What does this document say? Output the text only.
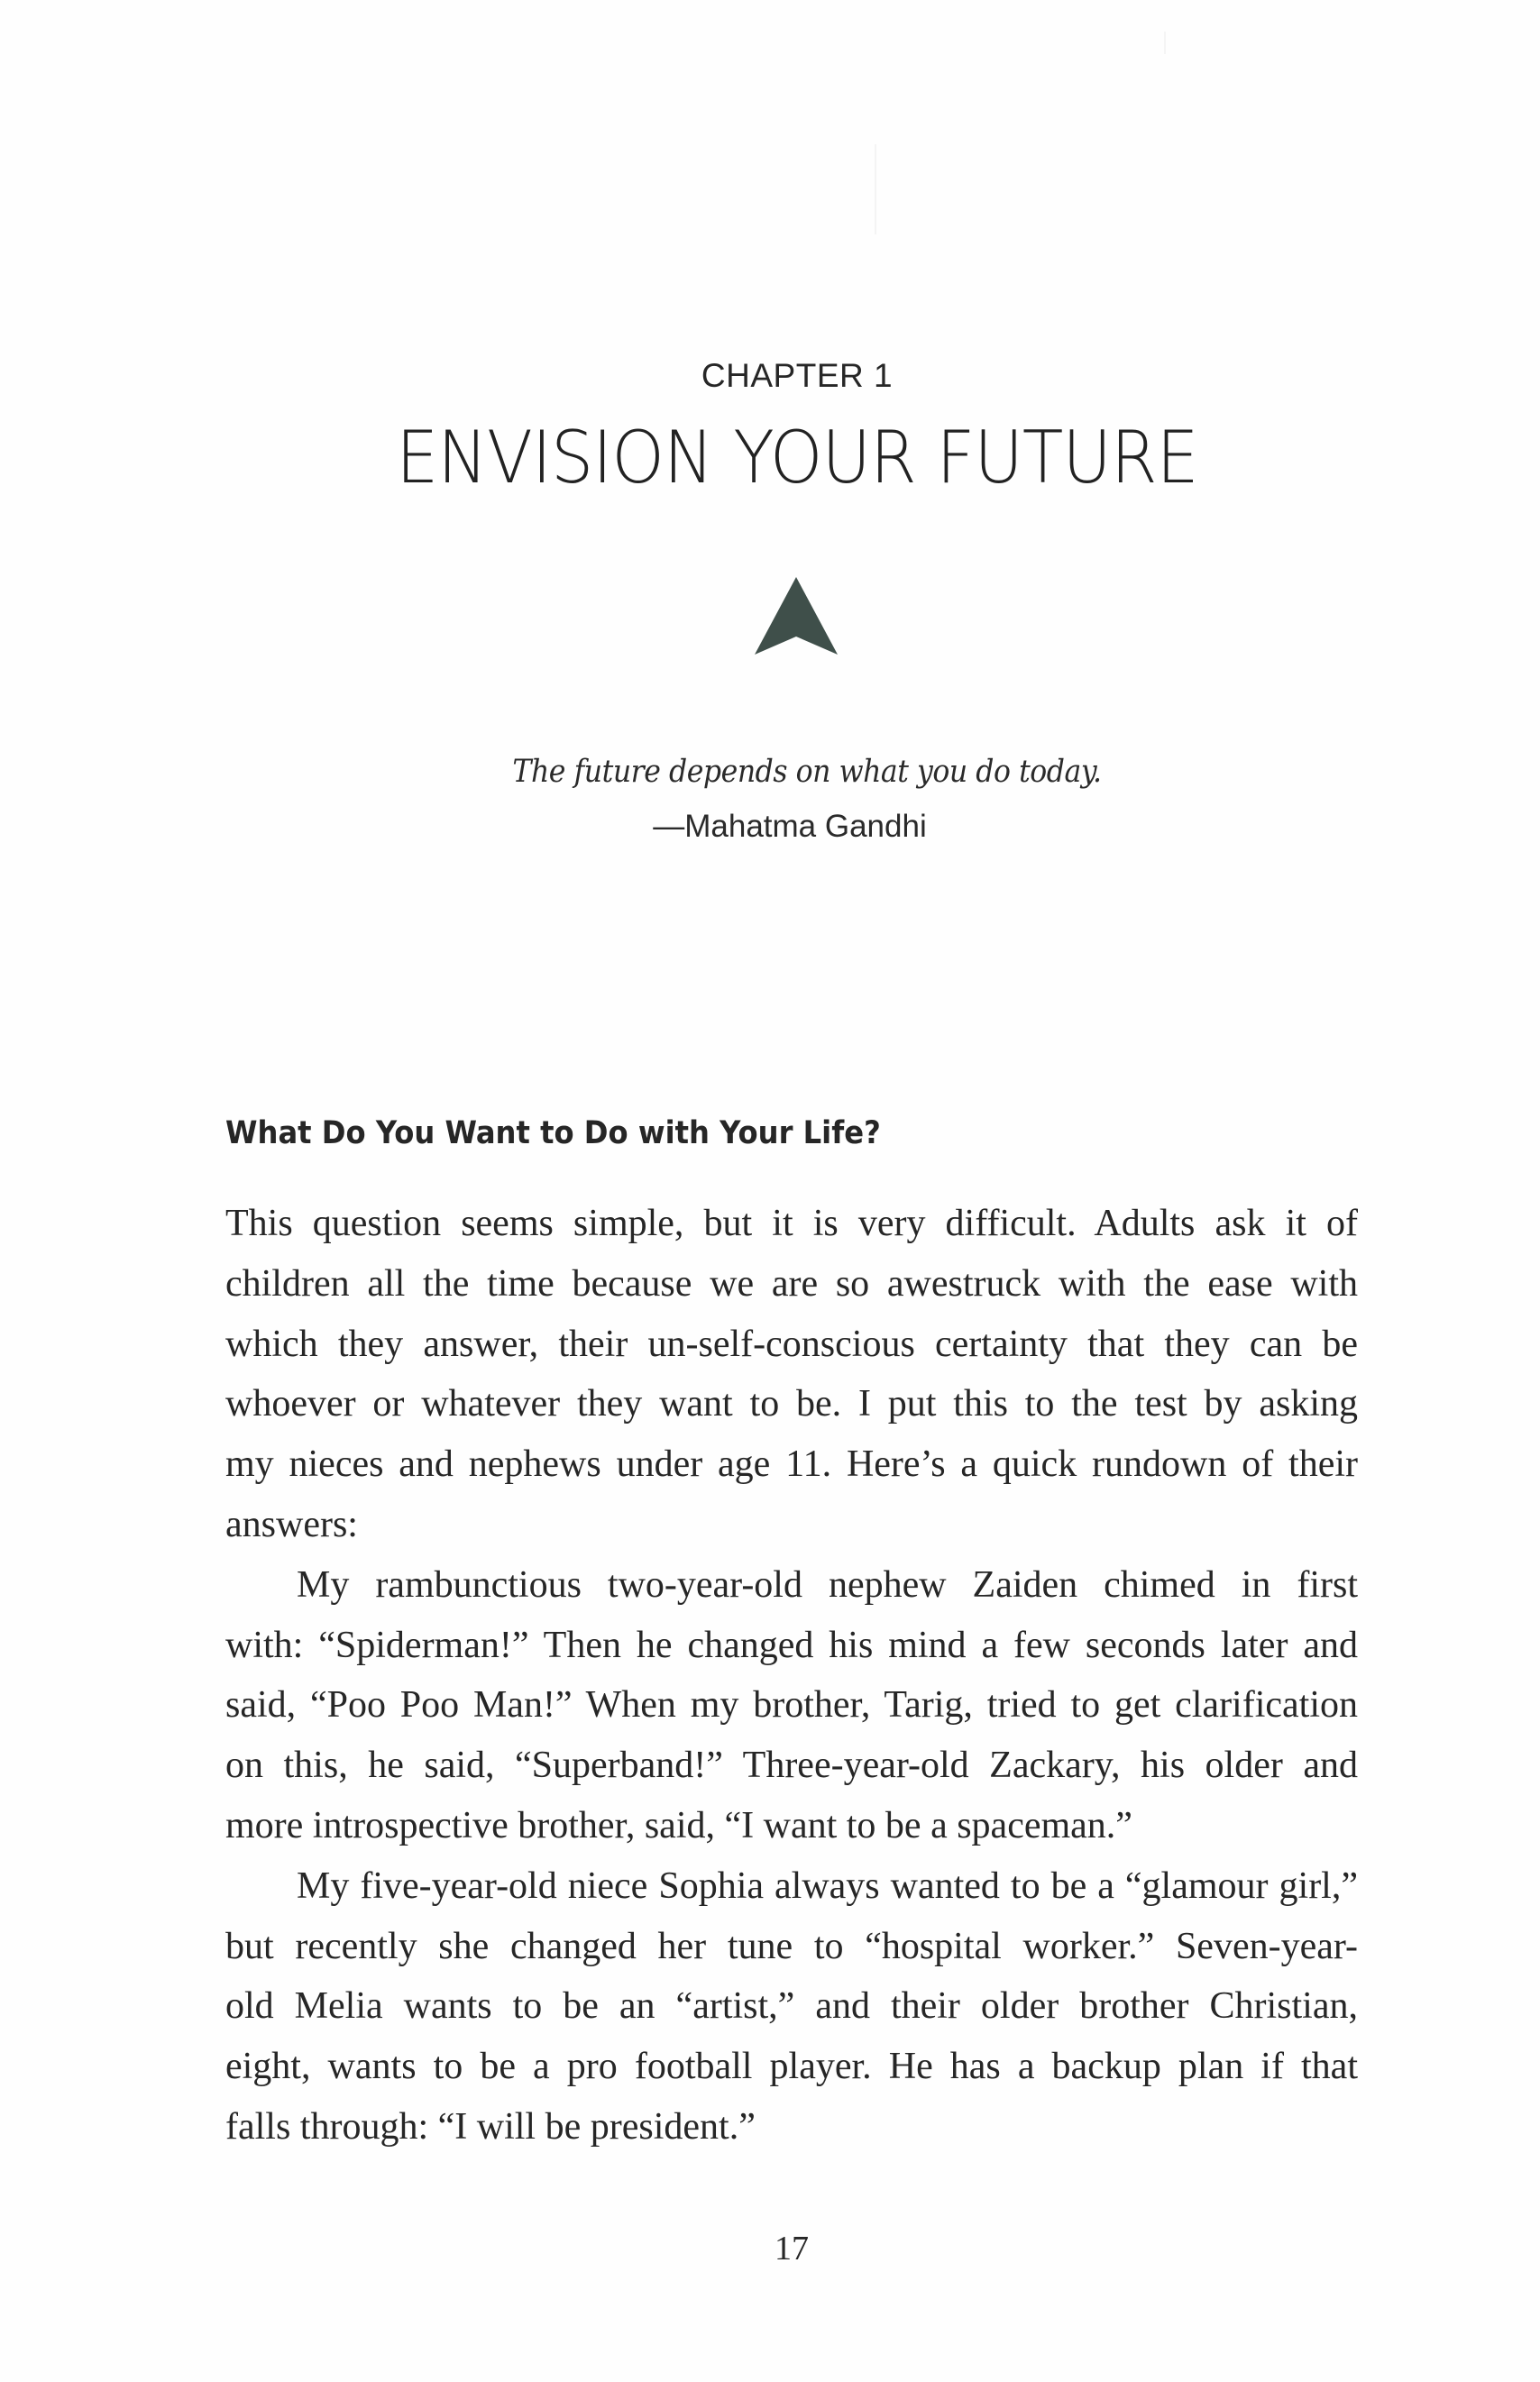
CHAPTER 1
ENVISION YOUR FUTURE
The future depends on what you do today.
—Mahatma Gandhi
What Do You Want to Do with Your Life?
This question seems simple, but it is very difficult. Adults ask it of
children all the time because we are so awestruck with the ease with
which they answer, their un-self-conscious certainty that they can be
whoever or whatever they want to be. I put this to the test by asking
my nieces and nephews under age 11. Here’s a quick rundown of their
answers:
My rambunctious two-year-old nephew Zaiden chimed in first
with: “Spiderman!” Then he changed his mind a few seconds later and
said, “Poo Poo Man!” When my brother, Tarig, tried to get clarification
on this, he said, “Superband!” Three-year-old Zackary, his older and
more introspective brother, said, “I want to be a spaceman.”
My five-year-old niece Sophia always wanted to be a “glamour girl,”
but recently she changed her tune to “hospital worker.” Seven-year-
old Melia wants to be an “artist,” and their older brother Christian,
eight, wants to be a pro football player. He has a backup plan if that
falls through: “I will be president.”
17
